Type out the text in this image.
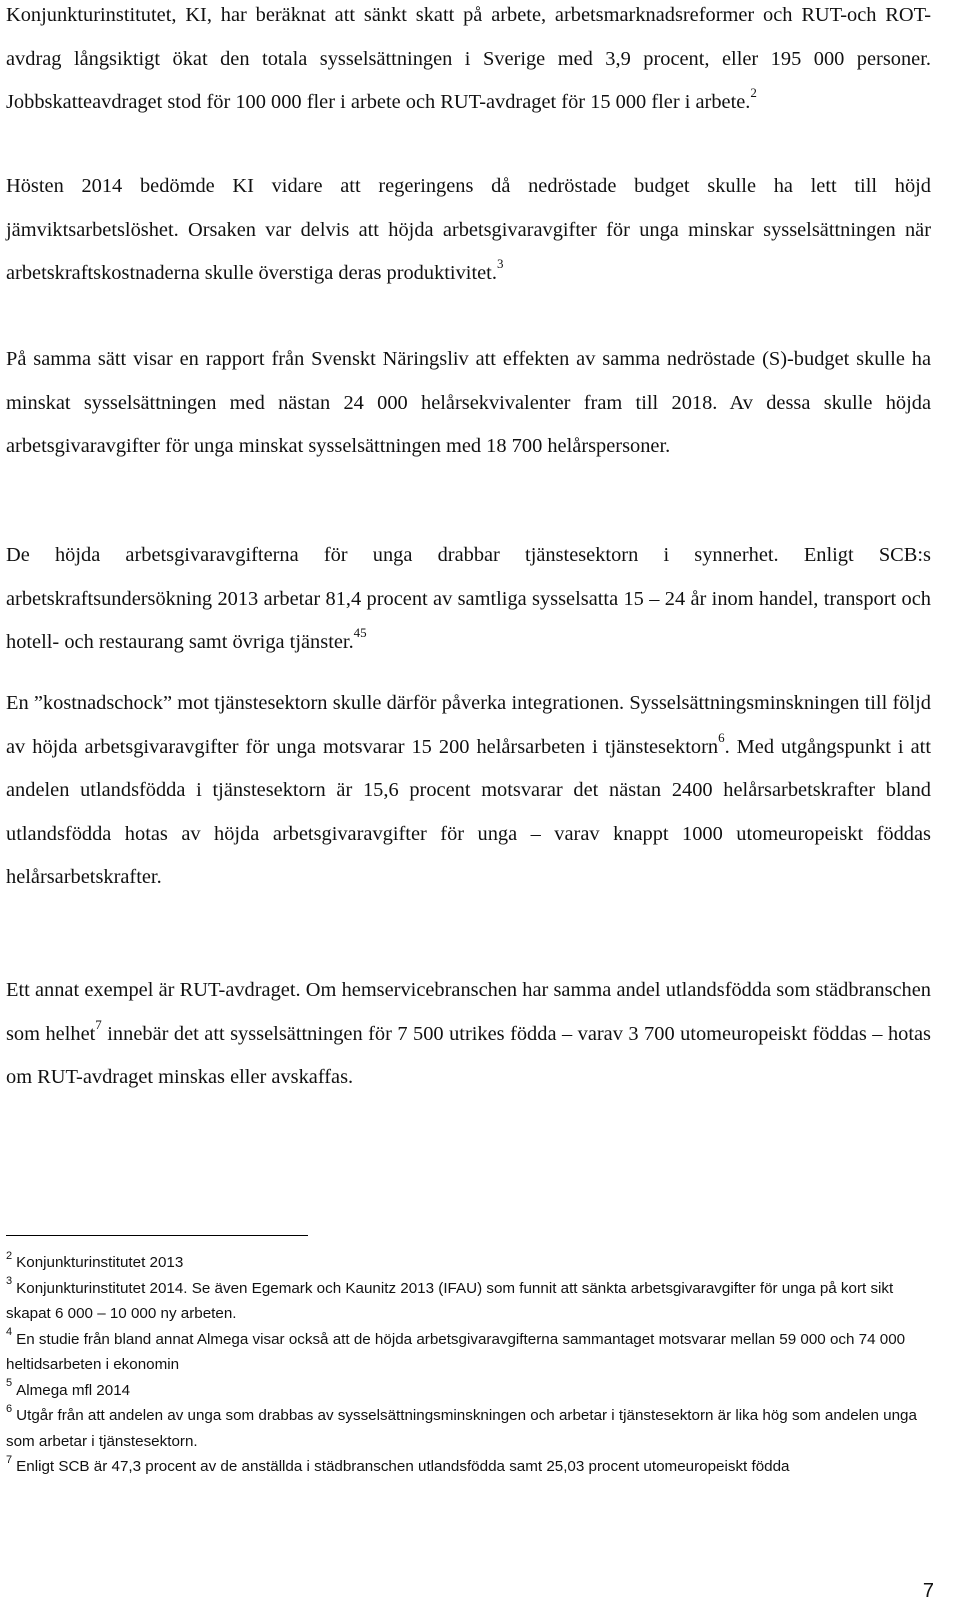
Konjunkturinstitutet, KI, har beräknat att sänkt skatt på arbete, arbetsmarknadsreformer och RUT-och ROT-avdrag långsiktigt ökat den totala sysselsättningen i Sverige med 3,9 procent, eller 195 000 personer. Jobbskatteavdraget stod för 100 000 fler i arbete och RUT-avdraget för 15 000 fler i arbete.$^2$

Hösten 2014 bedömde KI vidare att regeringens då nedröstade budget skulle ha lett till höjd jämviktsarbetslöshet. Orsaken var delvis att höjda arbetsgivaravgifter för unga minskar sysselsättningen när arbetskraftskostnaderna skulle överstiga deras produktivitet.$^3$

På samma sätt visar en rapport från Svenskt Näringsliv att effekten av samma nedröstade (S)-budget skulle ha minskat sysselsättningen med nästan 24 000 helårsekvivalenter fram till 2018. Av dessa skulle höjda arbetsgivaravgifter för unga minskat sysselsättningen med 18 700 helårspersoner.

De höjda arbetsgivaravgifterna för unga drabbar tjänstesektorn i synnerhet. Enligt SCB:s arbetskraftsundersökning 2013 arbetar 81,4 procent av samtliga sysselsatta 15 – 24 år inom handel, transport och hotell- och restaurang samt övriga tjänster.$^{45}$

En ”kostnadschock” mot tjänstesektorn skulle därför påverka integrationen. Sysselsättningsminskningen till följd av höjda arbetsgivaravgifter för unga motsvarar 15 200 helårsarbeten i tjänstesektorn$^6$. Med utgångspunkt i att andelen utlandsfödda i tjänstesektorn är 15,6 procent motsvarar det nästan 2400 helårsarbetskrafter bland utlandsfödda hotas av höjda arbetsgivaravgifter för unga – varav knappt 1000 utomeuropeiskt föddas helårsarbetskrafter.

Ett annat exempel är RUT-avdraget. Om hemservicebranschen har samma andel utlandsfödda som städbranschen som helhet$^7$ innebär det att sysselsättningen för 7 500 utrikes födda – varav 3 700 utomeuropeiskt föddas – hotas om RUT-avdraget minskas eller avskaffas.

$^2$ Konjunkturinstitutet 2013

$^3$ Konjunkturinstitutet 2014. Se även Egemark och Kaunitz 2013 (IFAU) som funnit att sänkta arbetsgivaravgifter för unga på kort sikt skapat 6 000 – 10 000 ny arbeten.

$^4$ En studie från bland annat Almega visar också att de höjda arbetsgivaravgifterna sammantaget motsvarar mellan 59 000 och 74 000 heltidsarbeten i ekonomin

$^5$ Almega mfl 2014

$^6$ Utgår från att andelen av unga som drabbas av sysselsättningsminskningen och arbetar i tjänstesektorn är lika hög som andelen unga som arbetar i tjänstesektorn.

$^7$ Enligt SCB är 47,3 procent av de anställda i städbranschen utlandsfödda samt 25,03 procent utomeuropeiskt födda

7
